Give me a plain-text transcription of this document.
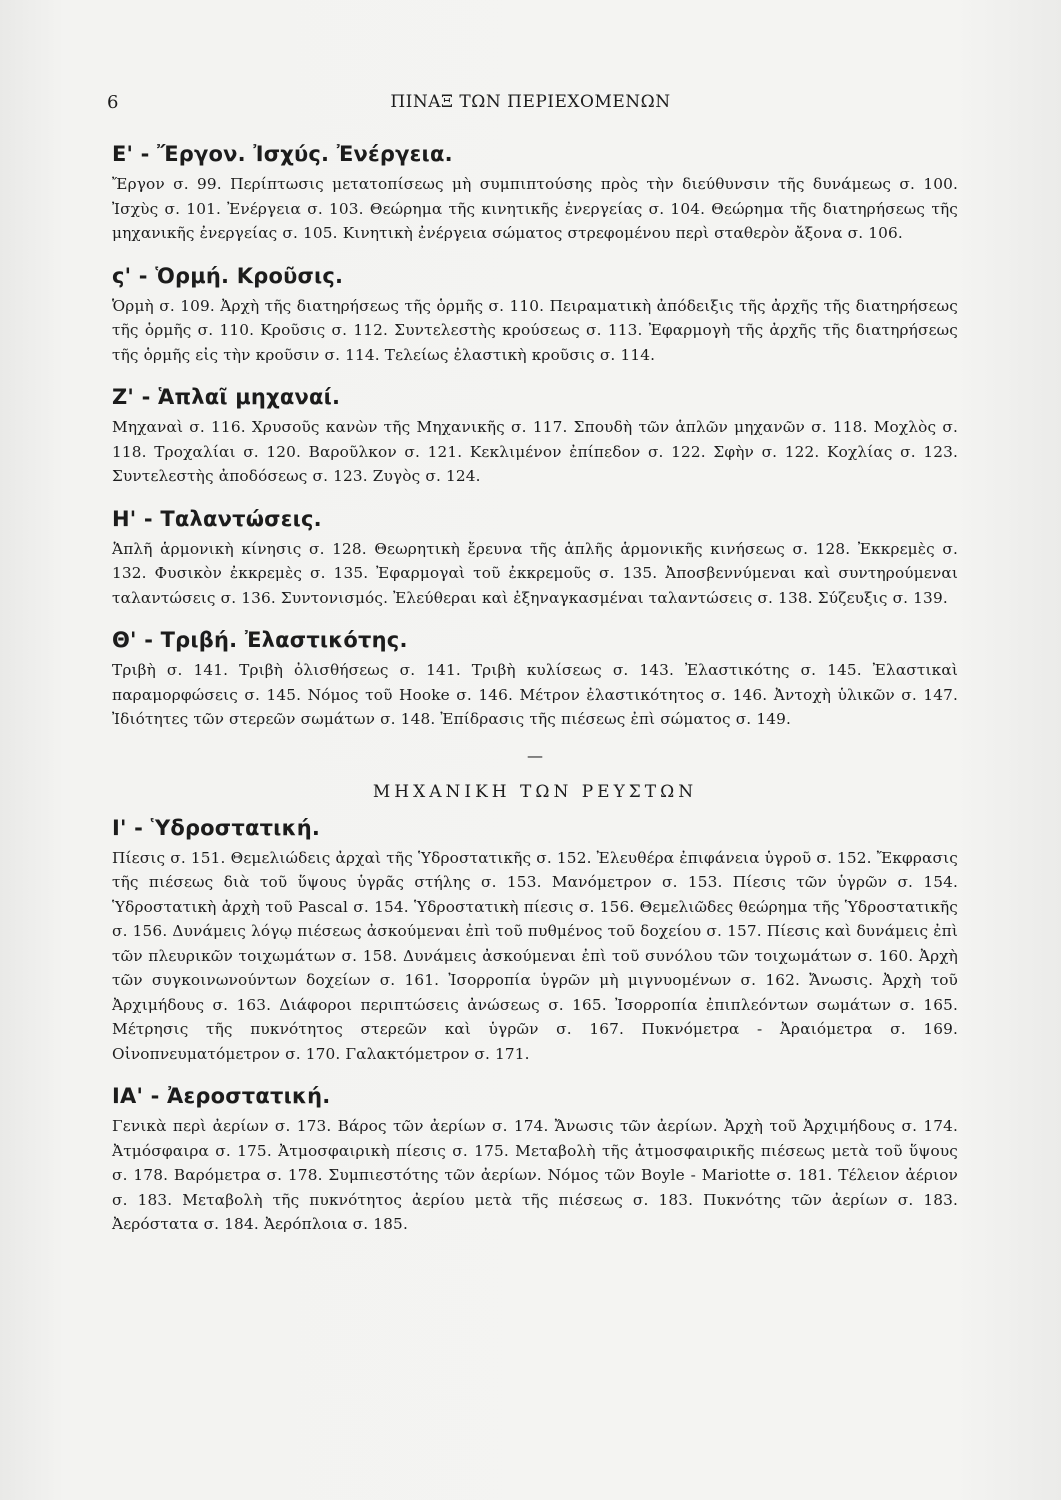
6	ΠΙΝΑΞ ΤΩΝ ΠΕΡΙΕΧΟΜΕΝΩΝ
Ε' - Ἔργον. Ἰσχύς. Ἐνέργεια.

Ἔργον σ. 99. Περίπτωσις μετατοπίσεως μὴ συμπιπτούσης πρὸς τὴν διεύθυνσιν τῆς δυνάμεως σ. 100. Ἰσχὺς σ. 101. Ἐνέργεια σ. 103. Θεώρημα τῆς κινητικῆς ἐνεργείας σ. 104. Θεώρημα τῆς διατηρήσεως τῆς μηχανικῆς ἐνεργείας σ. 105. Κινητικὴ ἐνέργεια σώματος στρεφομένου περὶ σταθερὸν ἄξονα σ. 106.

ς' - Ὁρμή. Κροῦσις.

Ὁρμὴ σ. 109. Ἀρχὴ τῆς διατηρήσεως τῆς ὁρμῆς σ. 110. Πειραματικὴ ἀπόδειξις τῆς ἀρχῆς τῆς διατηρήσεως τῆς ὁρμῆς σ. 110. Κροῦσις σ. 112. Συντελεστὴς κρούσεως σ. 113. Ἐφαρμογὴ τῆς ἀρχῆς τῆς διατηρήσεως τῆς ὁρμῆς εἰς τὴν κροῦσιν σ. 114. Τελείως ἐλαστικὴ κροῦσις σ. 114.

Ζ' - Ἁπλαῖ μηχαναί.

Μηχαναὶ σ. 116. Χρυσοῦς κανὼν τῆς Μηχανικῆς σ. 117. Σπουδὴ τῶν ἁπλῶν μηχανῶν σ. 118. Μοχλὸς σ. 118. Τροχαλίαι σ. 120. Βαροῦλκον σ. 121. Κεκλιμένον ἐπίπεδον σ. 122. Σφὴν σ. 122. Κοχλίας σ. 123. Συντελεστὴς ἀποδόσεως σ. 123. Ζυγὸς σ. 124.

Η' - Ταλαντώσεις.

Ἁπλῆ ἁρμονικὴ κίνησις σ. 128. Θεωρητικὴ ἔρευνα τῆς ἁπλῆς ἁρμονικῆς κινήσεως σ. 128. Ἐκκρεμὲς σ. 132. Φυσικὸν ἐκκρεμὲς σ. 135. Ἐφαρμογαὶ τοῦ ἐκκρεμοῦς σ. 135. Ἀποσβεννύμεναι καὶ συντηρούμεναι ταλαντώσεις σ. 136. Συντονισμός. Ἐλεύθεραι καὶ ἐξηναγκασμέναι ταλαντώσεις σ. 138. Σύζευξις σ. 139.

Θ' - Τριβή. Ἐλαστικότης.

Τριβὴ σ. 141. Τριβὴ ὀλισθήσεως σ. 141. Τριβὴ κυλίσεως σ. 143. Ἐλαστικότης σ. 145. Ἐλαστικαὶ παραμορφώσεις σ. 145. Νόμος τοῦ Hooke σ. 146. Μέτρον ἐλαστικότητος σ. 146. Ἀντοχὴ ὑλικῶν σ. 147. Ἰδιότητες τῶν στερεῶν σωμάτων σ. 148. Ἐπίδρασις τῆς πιέσεως ἐπὶ σώματος σ. 149.

—
ΜΗΧΑΝΙΚΗ ΤΩΝ ΡΕΥΣΤΩΝ
Ι' - Ὑδροστατική.

Πίεσις σ. 151. Θεμελιώδεις ἀρχαὶ τῆς Ὑδροστατικῆς σ. 152. Ἐλευθέρα ἐπιφάνεια ὑγροῦ σ. 152. Ἔκφρασις τῆς πιέσεως διὰ τοῦ ὕψους ὑγρᾶς στήλης σ. 153. Μανόμετρον σ. 153. Πίεσις τῶν ὑγρῶν σ. 154. Ὑδροστατικὴ ἀρχὴ τοῦ Pascal σ. 154. Ὑδροστατικὴ πίεσις σ. 156. Θεμελιῶδες θεώρημα τῆς Ὑδροστατικῆς σ. 156. Δυνάμεις λόγῳ πιέσεως ἀσκούμεναι ἐπὶ τοῦ πυθμένος τοῦ δοχείου σ. 157. Πίεσις καὶ δυνάμεις ἐπὶ τῶν πλευρικῶν τοιχωμάτων σ. 158. Δυνάμεις ἀσκούμεναι ἐπὶ τοῦ συνόλου τῶν τοιχωμάτων σ. 160. Ἀρχὴ τῶν συγκοινωνούντων δοχείων σ. 161. Ἰσορροπία ὑγρῶν μὴ μιγνυομένων σ. 162. Ἄνωσις. Ἀρχὴ τοῦ Ἀρχιμήδους σ. 163. Διάφοροι περιπτώσεις ἀνώσεως σ. 165. Ἰσορροπία ἐπιπλεόντων σωμάτων σ. 165. Μέτρησις τῆς πυκνότητος στερεῶν καὶ ὑγρῶν σ. 167. Πυκνόμετρα - Ἀραιόμετρα σ. 169. Οἰνοπνευματόμετρον σ. 170. Γαλακτόμετρον σ. 171.

ΙΑ' - Ἀεροστατική.

Γενικὰ περὶ ἀερίων σ. 173. Βάρος τῶν ἀερίων σ. 174. Ἄνωσις τῶν ἀερίων. Ἀρχὴ τοῦ Ἀρχιμήδους σ. 174. Ἀτμόσφαιρα σ. 175. Ἀτμοσφαιρικὴ πίεσις σ. 175. Μεταβολὴ τῆς ἀτμοσφαιρικῆς πιέσεως μετὰ τοῦ ὕψους σ. 178. Βαρόμετρα σ. 178. Συμπιεστότης τῶν ἀερίων. Νόμος τῶν Boyle - Mariotte σ. 181. Τέλειον ἀέριον σ. 183. Μεταβολὴ τῆς πυκνότητος ἀερίου μετὰ τῆς πιέσεως σ. 183. Πυκνότης τῶν ἀερίων σ. 183. Ἀερόστατα σ. 184. Ἀερόπλοια σ. 185.
